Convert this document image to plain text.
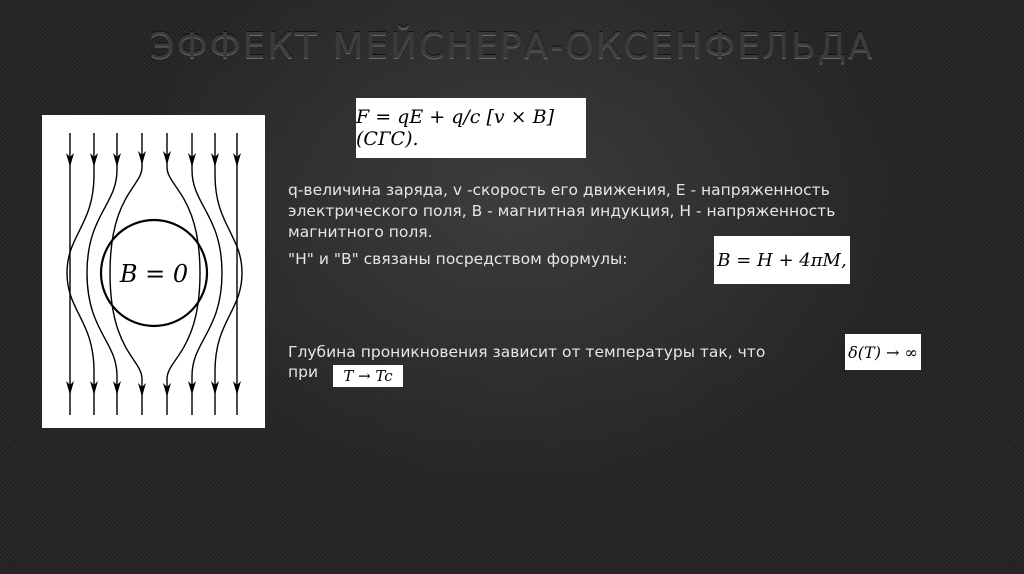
ЭФФЕКТ МЕЙСНЕРА-ОКСЕНФЕЛЬДА
B = 0
F = qE + q/c [v × B] (СГС).

q-величина заряда, v -скорость его движения, E - напряженность
электрического поля, B - магнитная индукция, H - напряженность
магнитного поля.

"H" и "B" связаны посредством формулы:	B = H + 4πM,

Глубина проникновения зависит от температуры так, что

при

δ(T) → ∞
T → Tc
